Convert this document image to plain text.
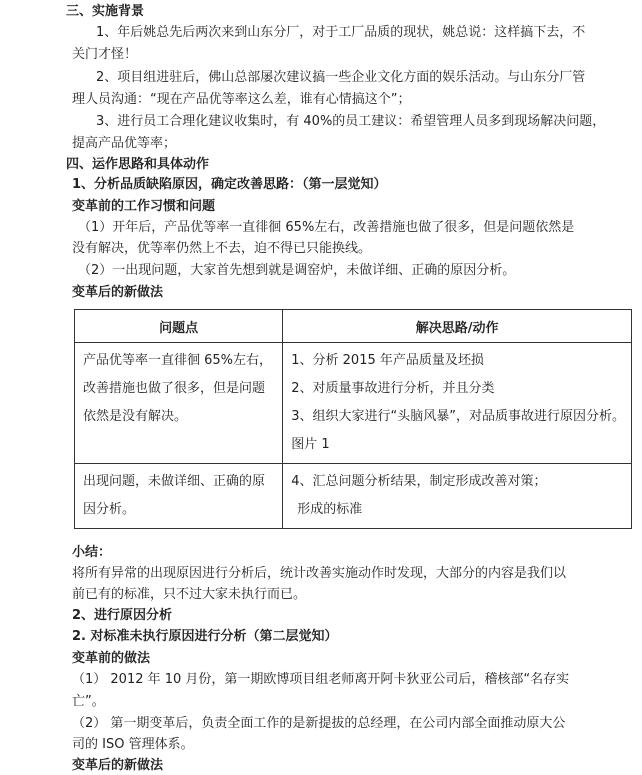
三、实施背景
1、年后姚总先后两次来到山东分厂，对于工厂品质的现状，姚总说：这样搞下去，不
关门才怪！
2、项目组进驻后，佛山总部屡次建议搞一些企业文化方面的娱乐活动。与山东分厂管
理人员沟通：“现在产品优等率这么差，谁有心情搞这个”；
3、进行员工合理化建议收集时，有 40%的员工建议：希望管理人员多到现场解决问题，
提高产品优等率；
四、运作思路和具体动作
1、分析品质缺陷原因，确定改善思路：（第一层觉知）
变革前的工作习惯和问题
（1）开年后，产品优等率一直徘徊 65%左右，改善措施也做了很多，但是问题依然是
没有解决，优等率仍然上不去，迫不得已只能换线。
（2）一出现问题，大家首先想到就是调窑炉，未做详细、正确的原因分析。
变革后的新做法
问题点	解决思路/动作

产品优等率一直徘徊 65%左右，
改善措施也做了很多，但是问题
依然是没有解决。	1、分析 2015 年产品质量及坯损
2、对质量事故进行分析，并且分类
3、组织大家进行“头脑风暴”，对品质事故进行原因分析。
图片 1

出现问题，未做详细、正确的原
因分析。	4、汇总问题分析结果，制定形成改善对策；
形成的标准
小结：
将所有异常的出现原因进行分析后，统计改善实施动作时发现，大部分的内容是我们以
前已有的标准，只不过大家未执行而已。
2、进行原因分析
2. 对标准未执行原因进行分析（第二层觉知）
变革前的做法
（1） 2012 年 10 月份，第一期欧博项目组老师离开阿卡狄亚公司后，稽核部“名存实
亡”。
（2） 第一期变革后，负责全面工作的是新提拔的总经理，在公司内部全面推动原大公
司的 ISO 管理体系。
变革后的新做法
